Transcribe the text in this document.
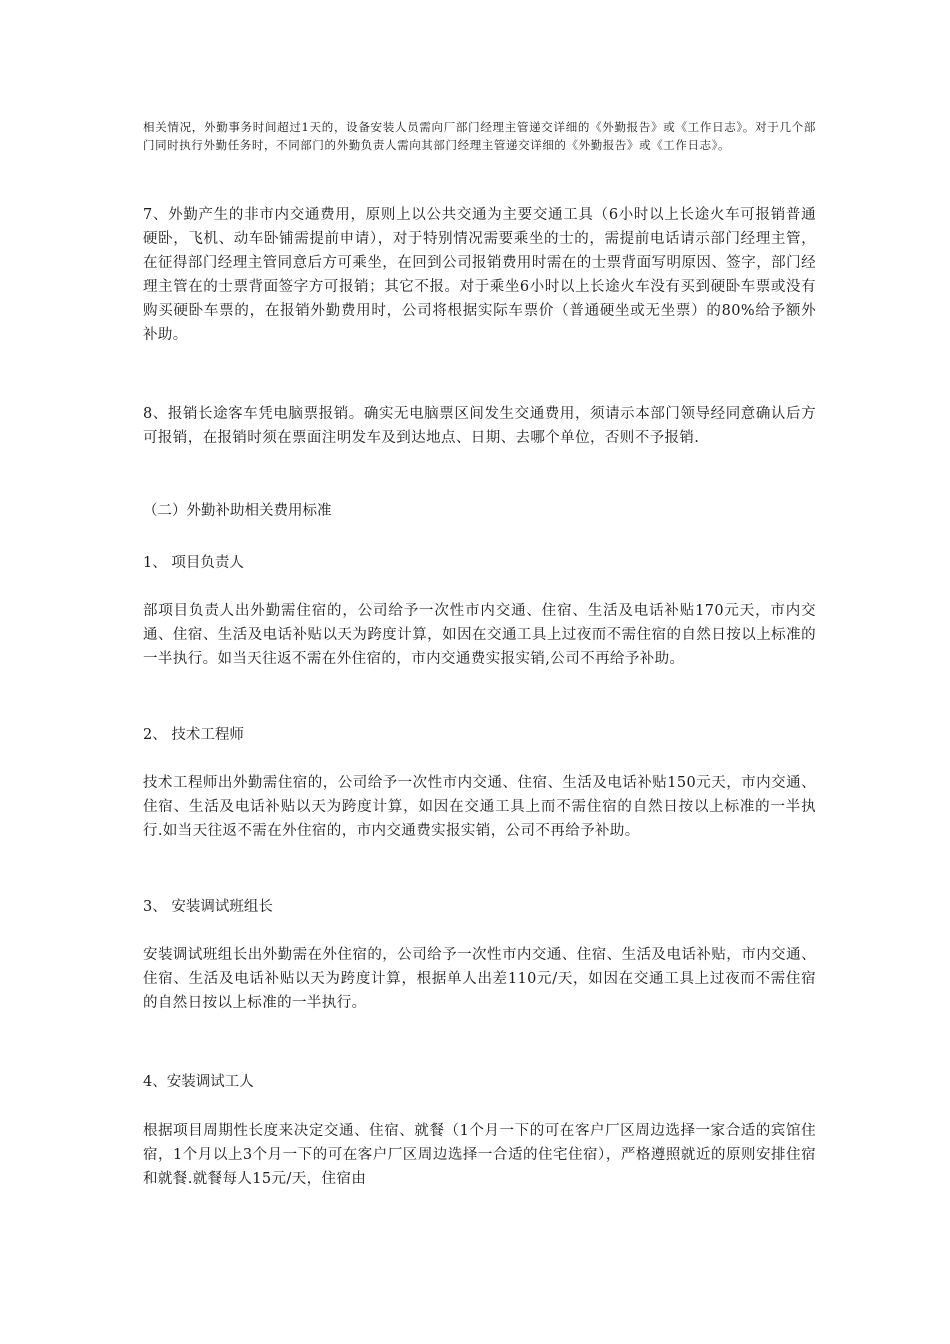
相关情况，外勤事务时间超过1天的，设备安装人员需向厂部门经理主管递交详细的《外勤报告》或《工作日志》。对于几个部门同时执行外勤任务时，不同部门的外勤负责人需向其部门经理主管递交详细的《外勤报告》或《工作日志》。

7、外勤产生的非市内交通费用，原则上以公共交通为主要交通工具（6小时以上长途火车可报销普通硬卧，飞机、动车卧铺需提前申请），对于特别情况需要乘坐的士的，需提前电话请示部门经理主管，在征得部门经理主管同意后方可乘坐，在回到公司报销费用时需在的士票背面写明原因、签字，部门经理主管在的士票背面签字方可报销；其它不报。对于乘坐6小时以上长途火车没有买到硬卧车票或没有购买硬卧车票的，在报销外勤费用时，公司将根据实际车票价（普通硬坐或无坐票）的80%给予额外补助。

8、报销长途客车凭电脑票报销。确实无电脑票区间发生交通费用，须请示本部门领导经同意确认后方可报销，在报销时须在票面注明发车及到达地点、日期、去哪个单位，否则不予报销.

（二）外勤补助相关费用标准

1、 项目负责人

部项目负责人出外勤需住宿的，公司给予一次性市内交通、住宿、生活及电话补贴170元天，市内交通、住宿、生活及电话补贴以天为跨度计算，如因在交通工具上过夜而不需住宿的自然日按以上标准的一半执行。如当天往返不需在外住宿的，市内交通费实报实销,公司不再给予补助。

2、 技术工程师

技术工程师出外勤需住宿的，公司给予一次性市内交通、住宿、生活及电话补贴150元天，市内交通、住宿、生活及电话补贴以天为跨度计算，如因在交通工具上而不需住宿的自然日按以上标准的一半执行.如当天往返不需在外住宿的，市内交通费实报实销，公司不再给予补助。

3、 安装调试班组长

安装调试班组长出外勤需在外住宿的，公司给予一次性市内交通、住宿、生活及电话补贴，市内交通、住宿、生活及电话补贴以天为跨度计算，根据单人出差110元/天，如因在交通工具上过夜而不需住宿的自然日按以上标准的一半执行。

4、安装调试工人

根据项目周期性长度来决定交通、住宿、就餐（1个月一下的可在客户厂区周边选择一家合适的宾馆住宿，1个月以上3个月一下的可在客户厂区周边选择一合适的住宅住宿），严格遵照就近的原则安排住宿和就餐.就餐每人15元/天，住宿由
